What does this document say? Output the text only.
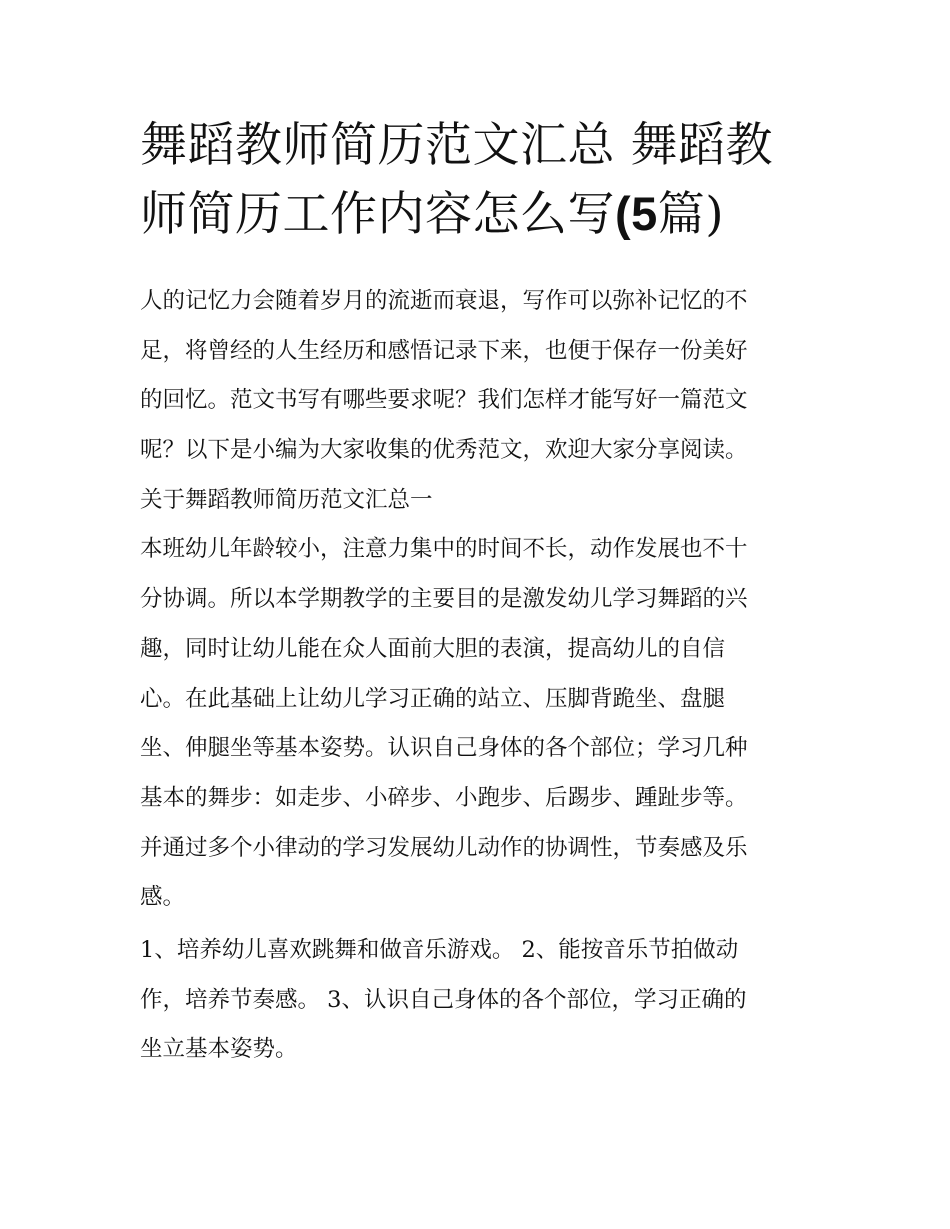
舞蹈教师简历范文汇总 舞蹈教
师简历工作内容怎么写(5篇)
人的记忆力会随着岁月的流逝而衰退，写作可以弥补记忆的不
足，将曾经的人生经历和感悟记录下来，也便于保存一份美好
的回忆。范文书写有哪些要求呢？我们怎样才能写好一篇范文
呢？以下是小编为大家收集的优秀范文，欢迎大家分享阅读。
关于舞蹈教师简历范文汇总一
本班幼儿年龄较小，注意力集中的时间不长，动作发展也不十
分协调。所以本学期教学的主要目的是激发幼儿学习舞蹈的兴
趣，同时让幼儿能在众人面前大胆的表演，提高幼儿的自信
心。在此基础上让幼儿学习正确的站立、压脚背跪坐、盘腿
坐、伸腿坐等基本姿势。认识自己身体的各个部位；学习几种
基本的舞步：如走步、小碎步、小跑步、后踢步、踵趾步等。
并通过多个小律动的学习发展幼儿动作的协调性，节奏感及乐
感。
1、培养幼儿喜欢跳舞和做音乐游戏。 2、能按音乐节拍做动
作，培养节奏感。 3、认识自己身体的各个部位，学习正确的
坐立基本姿势。
